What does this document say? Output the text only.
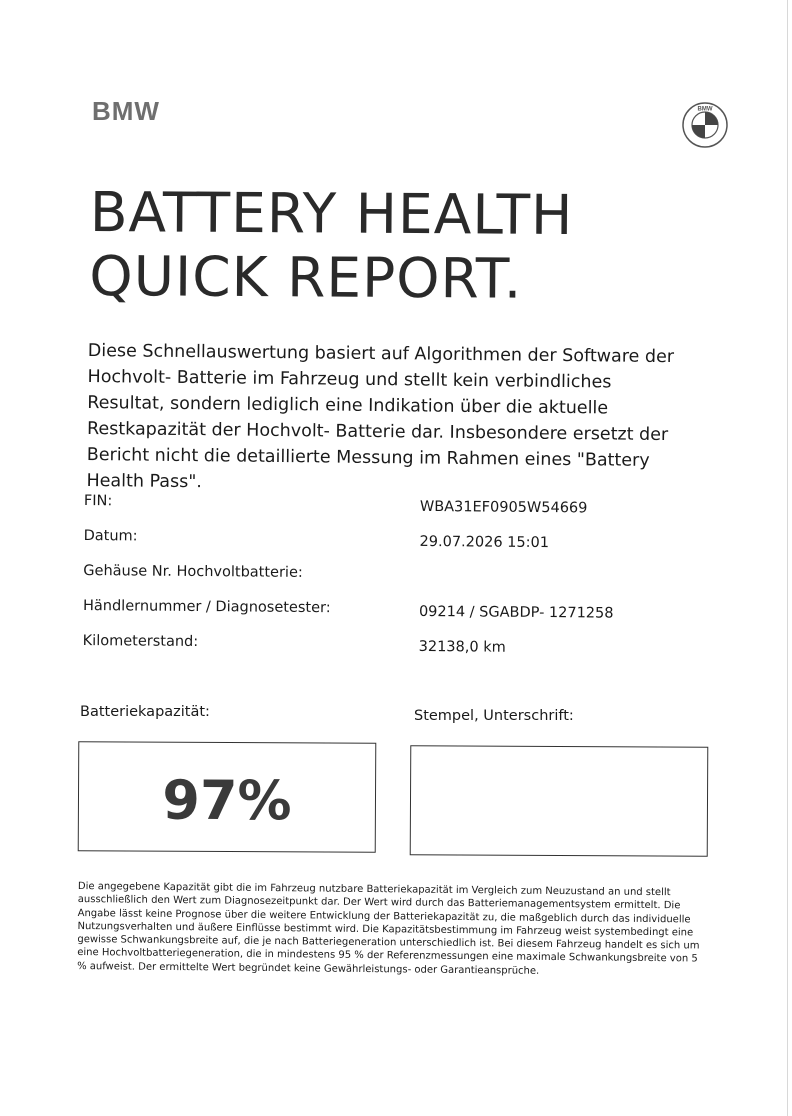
BMW	BMW
BATTERY HEALTH
QUICK REPORT.
Diese Schnellauswertung basiert auf Algorithmen der Software der Hochvolt- Batterie im Fahrzeug und stellt kein verbindliches Resultat, sondern lediglich eine Indikation über die aktuelle Restkapazität der Hochvolt- Batterie dar. Insbesondere ersetzt der Bericht nicht die detaillierte Messung im Rahmen eines "Battery Health Pass".
FIN:	WBA31EF0905W54669
Datum:	29.07.2026 15:01
Gehäuse Nr. Hochvoltbatterie:
Händlernummer / Diagnosetester:	09214 / SGABDP- 1271258
Kilometerstand:	32138,0 km
Batteriekapazität:	Stempel, Unterschrift:
97%
Die angegebene Kapazität gibt die im Fahrzeug nutzbare Batteriekapazität im Vergleich zum Neuzustand an und stellt ausschließlich den Wert zum Diagnosezeitpunkt dar. Der Wert wird durch das Batteriemanagementsystem ermittelt. Die Angabe lässt keine Prognose über die weitere Entwicklung der Batteriekapazität zu, die maßgeblich durch das individuelle Nutzungsverhalten und äußere Einflüsse bestimmt wird. Die Kapazitätsbestimmung im Fahrzeug weist systembedingt eine gewisse Schwankungsbreite auf, die je nach Batteriegeneration unterschiedlich ist. Bei diesem Fahrzeug handelt es sich um eine Hochvoltbatteriegeneration, die in mindestens 95 % der Referenzmessungen eine maximale Schwankungsbreite von 5 % aufweist. Der ermittelte Wert begründet keine Gewährleistungs- oder Garantieansprüche.
